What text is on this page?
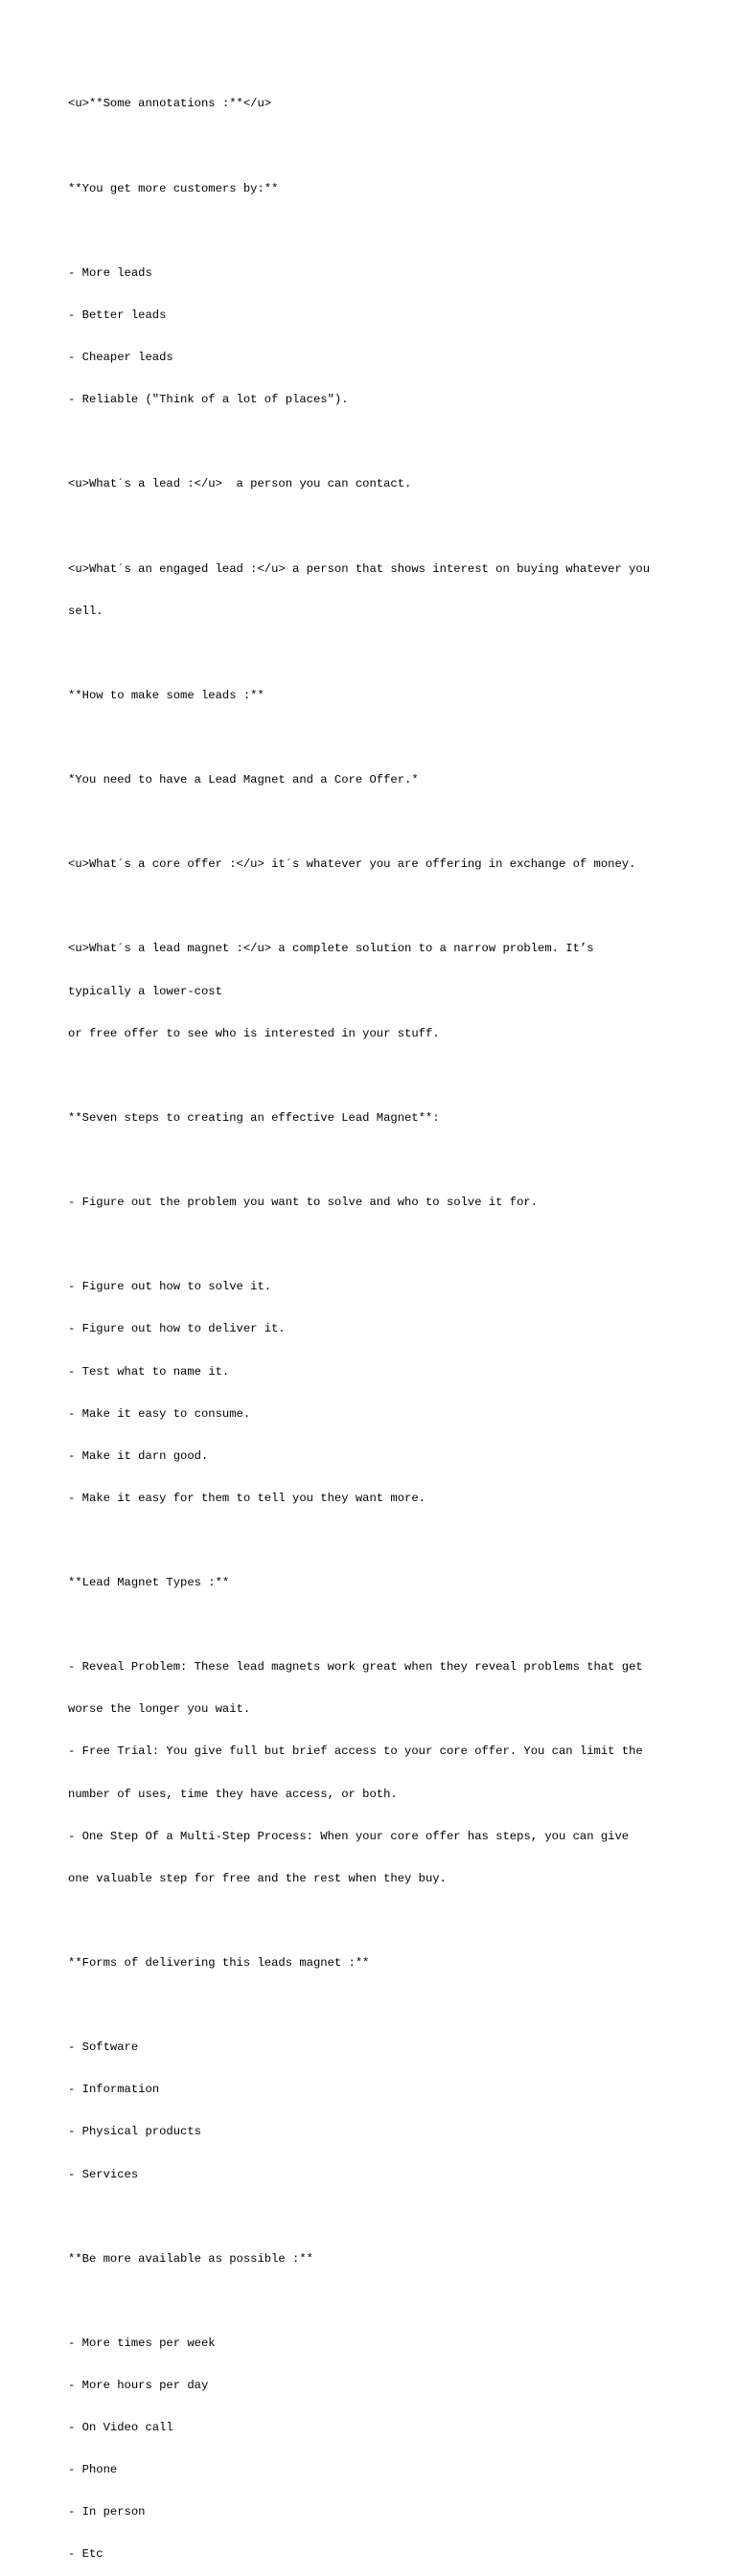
<u>**Some annotations :**</u>

**You get more customers by:**

- More leads

- Better leads

- Cheaper leads

- Reliable ("Think of a lot of places").

<u>What´s a lead :</u>  a person you can contact.

<u>What´s an engaged lead :</u> a person that shows interest on buying whatever you

sell.

**How to make some leads :**

*You need to have a Lead Magnet and a Core Offer.*

<u>What´s a core offer :</u> it´s whatever you are offering in exchange of money.

<u>What´s a lead magnet :</u> a complete solution to a narrow problem. It’s

typically a lower-cost

or free offer to see who is interested in your stuff.

**Seven steps to creating an effective Lead Magnet**:

- Figure out the problem you want to solve and who to solve it for.

- Figure out how to solve it.

- Figure out how to deliver it.

- Test what to name it.

- Make it easy to consume.

- Make it darn good.

- Make it easy for them to tell you they want more.

**Lead Magnet Types :**

- Reveal Problem: These lead magnets work great when they reveal problems that get

worse the longer you wait.

- Free Trial: You give full but brief access to your core offer. You can limit the

number of uses, time they have access, or both.

- One Step Of a Multi-Step Process: When your core offer has steps, you can give

one valuable step for free and the rest when they buy.

**Forms of delivering this leads magnet :**

- Software

- Information

- Physical products

- Services

**Be more available as possible :**

- More times per week

- More hours per day

- On Video call

- Phone

- In person

- Etc
